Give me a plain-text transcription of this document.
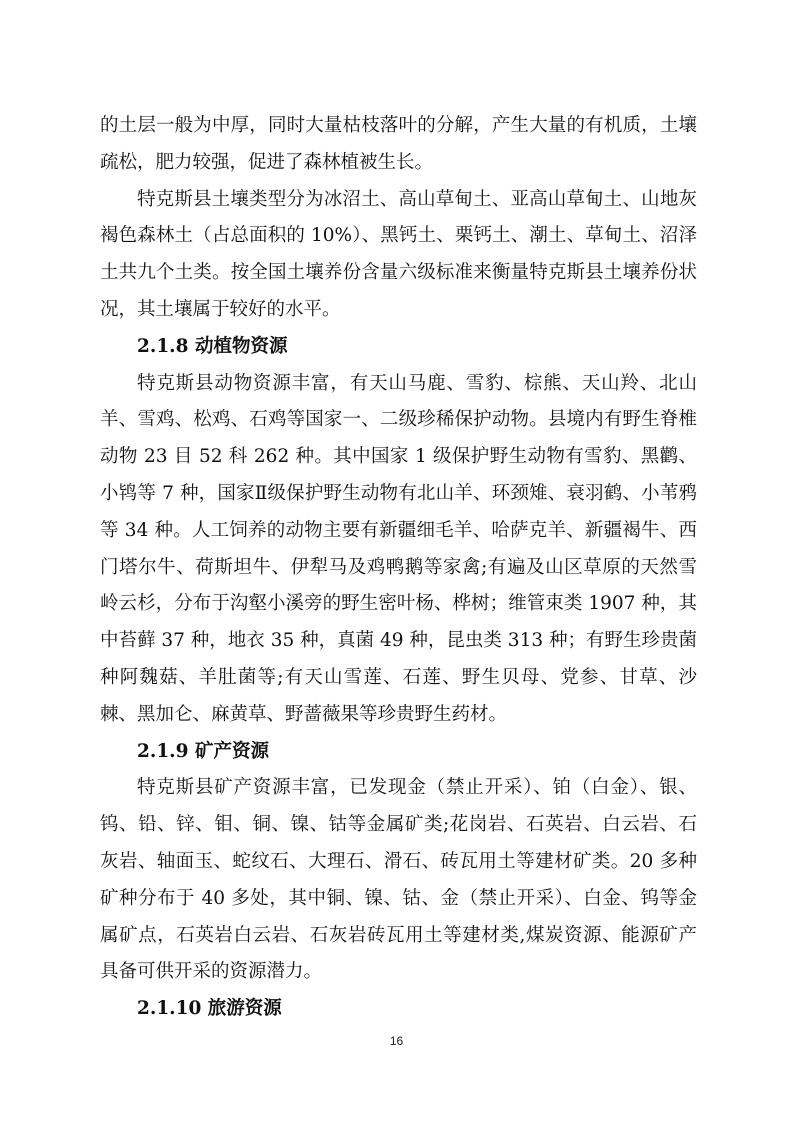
的土层一般为中厚，同时大量枯枝落叶的分解，产生大量的有机质，土壤疏松，肥力较强，促进了森林植被生长。

特克斯县土壤类型分为冰沼土、高山草甸土、亚高山草甸土、山地灰褐色森林土（占总面积的 10%）、黑钙土、栗钙土、潮土、草甸土、沼泽土共九个土类。按全国土壤养份含量六级标准来衡量特克斯县土壤养份状况，其土壤属于较好的水平。

2.1.8 动植物资源

特克斯县动物资源丰富，有天山马鹿、雪豹、棕熊、天山羚、北山羊、雪鸡、松鸡、石鸡等国家一、二级珍稀保护动物。县境内有野生脊椎动物 23 目 52 科 262 种。其中国家 1 级保护野生动物有雪豹、黑鹳、小鸨等 7 种，国家Ⅱ级保护野生动物有北山羊、环颈雉、衰羽鹤、小苇鸦等 34 种。人工饲养的动物主要有新疆细毛羊、哈萨克羊、新疆褐牛、西门塔尔牛、荷斯坦牛、伊犁马及鸡鸭鹅等家禽;有遍及山区草原的天然雪岭云杉，分布于沟壑小溪旁的野生密叶杨、桦树；维管束类 1907 种，其中苔藓 37 种，地衣 35 种，真菌 49 种，昆虫类 313 种；有野生珍贵菌种阿魏菇、羊肚菌等;有天山雪莲、石莲、野生贝母、党参、甘草、沙棘、黑加仑、麻黄草、野蔷薇果等珍贵野生药材。

2.1.9 矿产资源

特克斯县矿产资源丰富，已发现金（禁止开采）、铂（白金）、银、钨、铅、锌、钼、铜、镍、钴等金属矿类;花岗岩、石英岩、白云岩、石灰岩、轴面玉、蛇纹石、大理石、滑石、砖瓦用土等建材矿类。20 多种矿种分布于 40 多处，其中铜、镍、钴、金（禁止开采）、白金、钨等金属矿点，石英岩白云岩、石灰岩砖瓦用土等建材类,煤炭资源、能源矿产具备可供开采的资源潜力。

2.1.10 旅游资源
16
